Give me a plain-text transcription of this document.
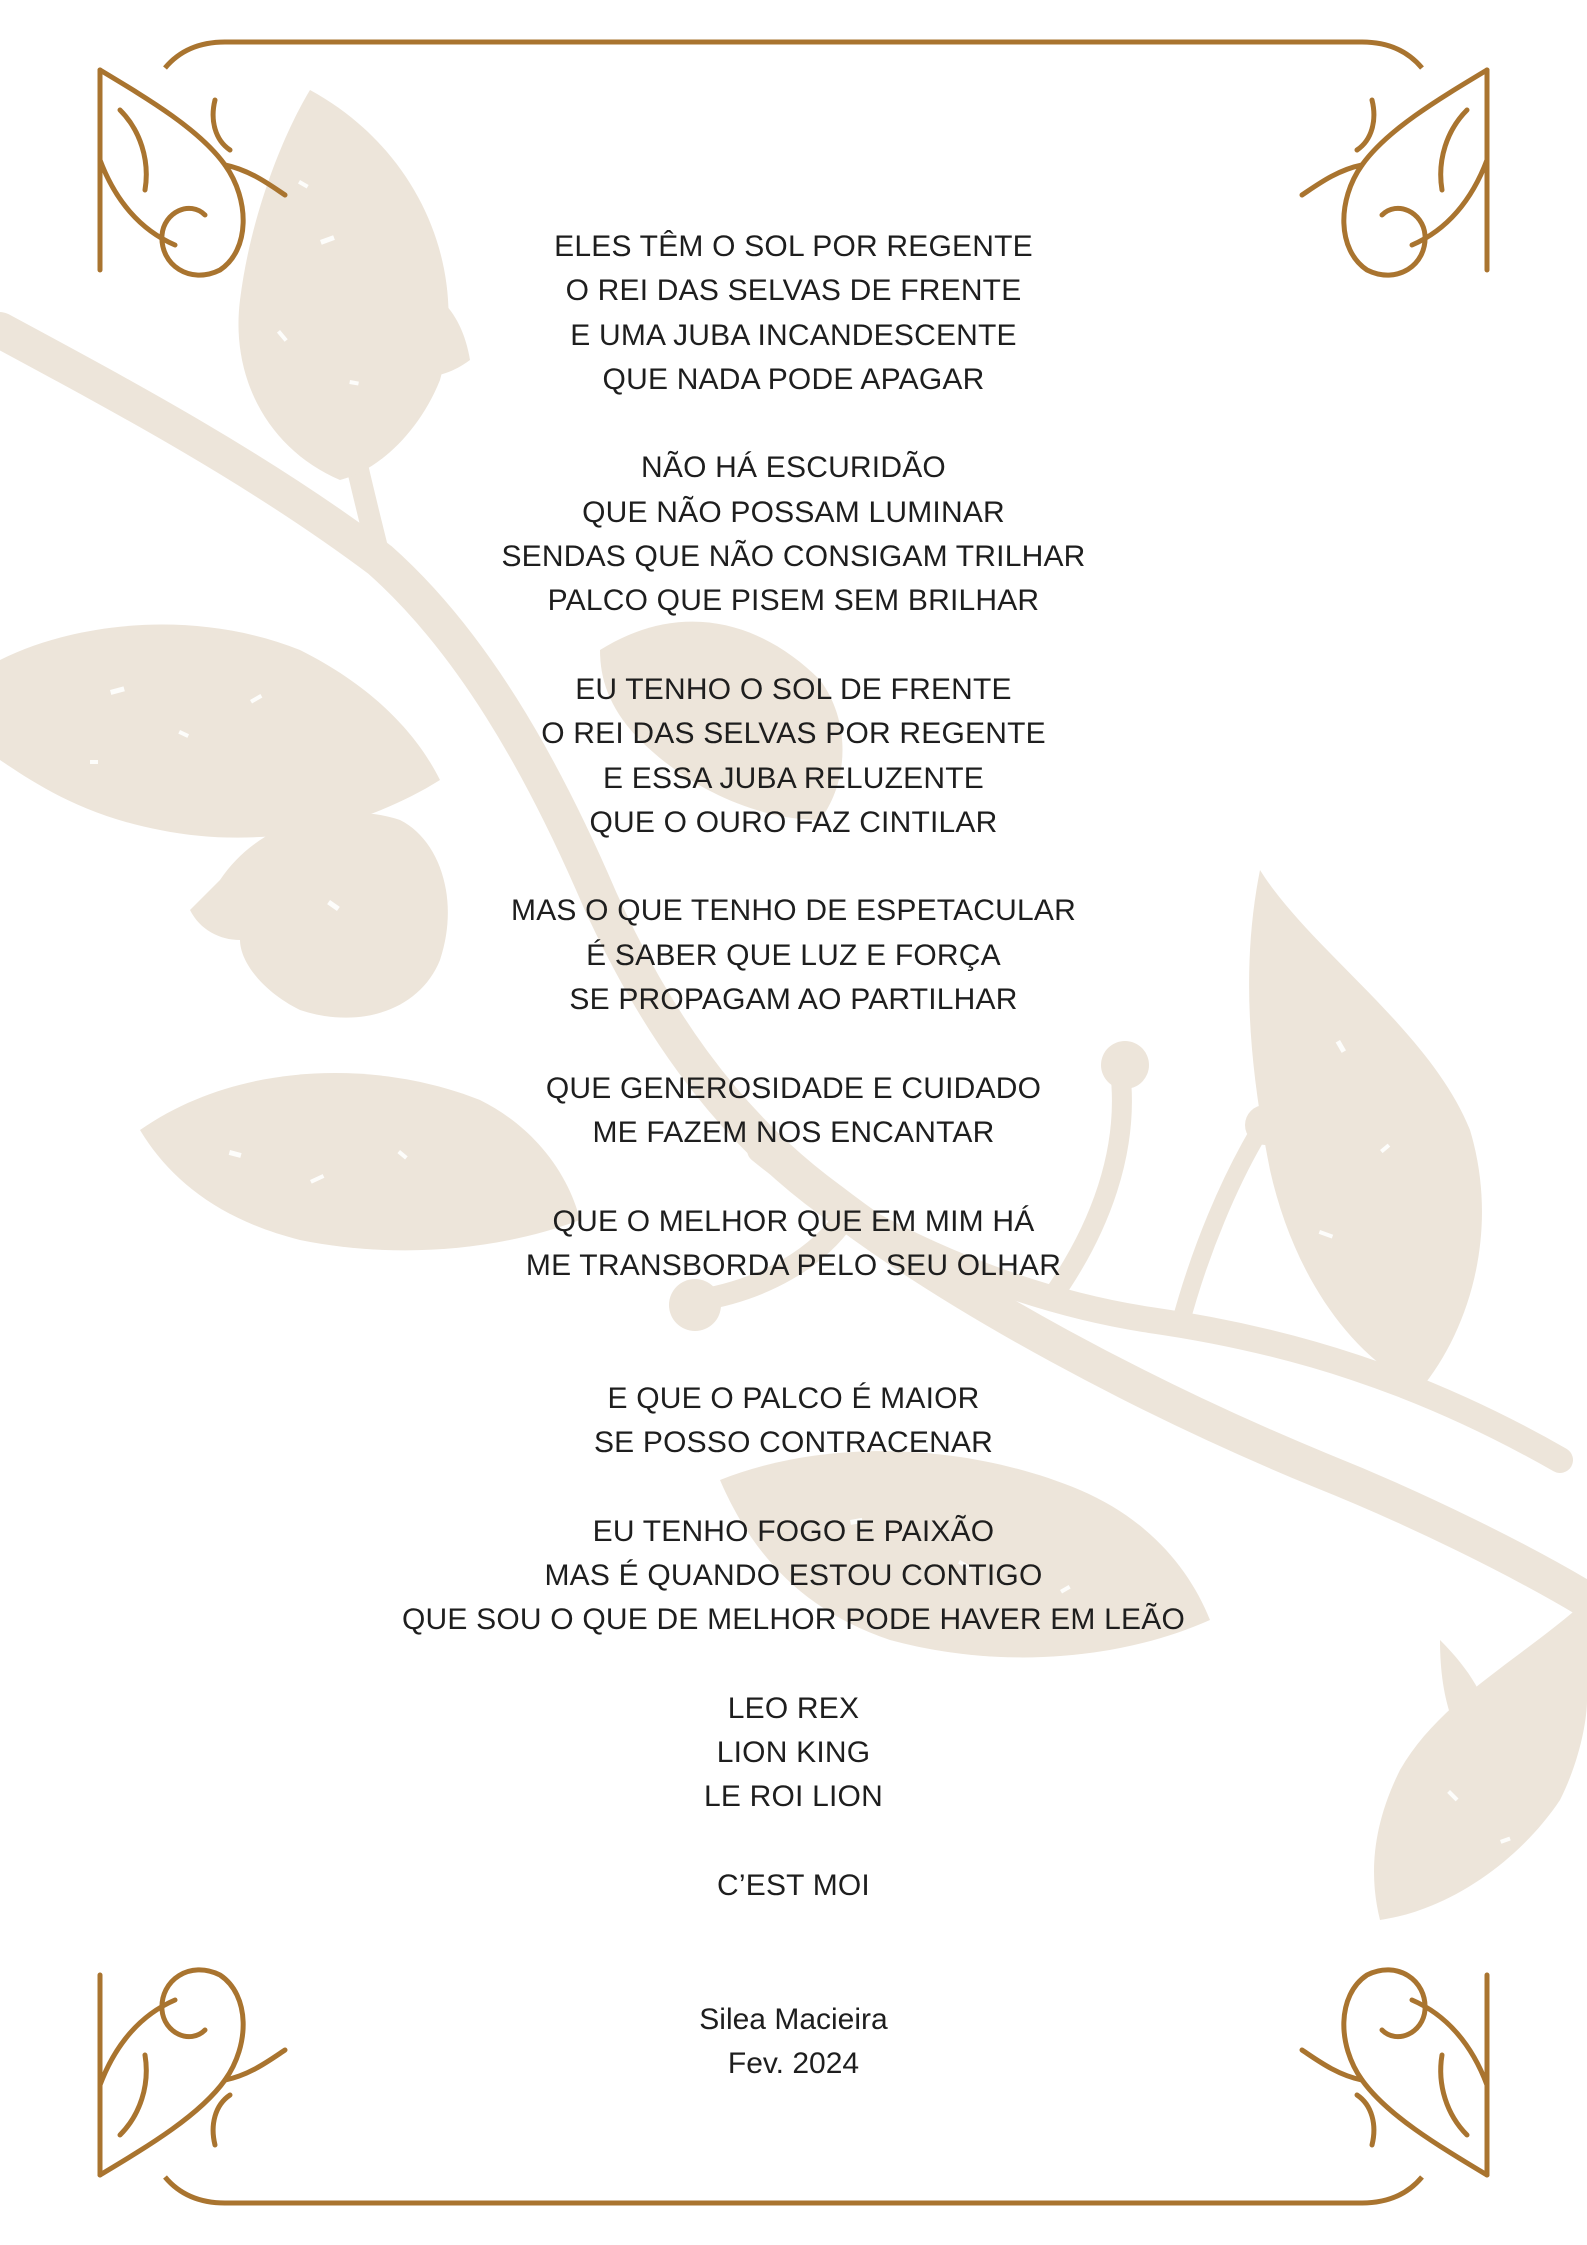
ELES TÊM O SOL POR REGENTE
O REI DAS SELVAS DE FRENTE
E UMA JUBA INCANDESCENTE
QUE NADA PODE APAGAR
NÃO HÁ ESCURIDÃO
QUE NÃO POSSAM LUMINAR
SENDAS QUE NÃO CONSIGAM TRILHAR
PALCO QUE PISEM SEM BRILHAR
EU TENHO O SOL DE FRENTE
O REI DAS SELVAS POR REGENTE
E ESSA JUBA RELUZENTE
QUE O OURO FAZ CINTILAR
MAS O QUE TENHO DE ESPETACULAR
É SABER QUE LUZ E FORÇA
SE PROPAGAM AO PARTILHAR
QUE GENEROSIDADE E CUIDADO
ME FAZEM NOS ENCANTAR
QUE O MELHOR QUE EM MIM HÁ
ME TRANSBORDA PELO SEU OLHAR
E QUE O PALCO É MAIOR
SE POSSO CONTRACENAR
EU TENHO FOGO E PAIXÃO
MAS É QUANDO ESTOU CONTIGO
QUE SOU O QUE DE MELHOR PODE HAVER EM LEÃO
LEO REX
LION KING
LE ROI LION
C’EST MOI
Silea Macieira
Fev. 2024
